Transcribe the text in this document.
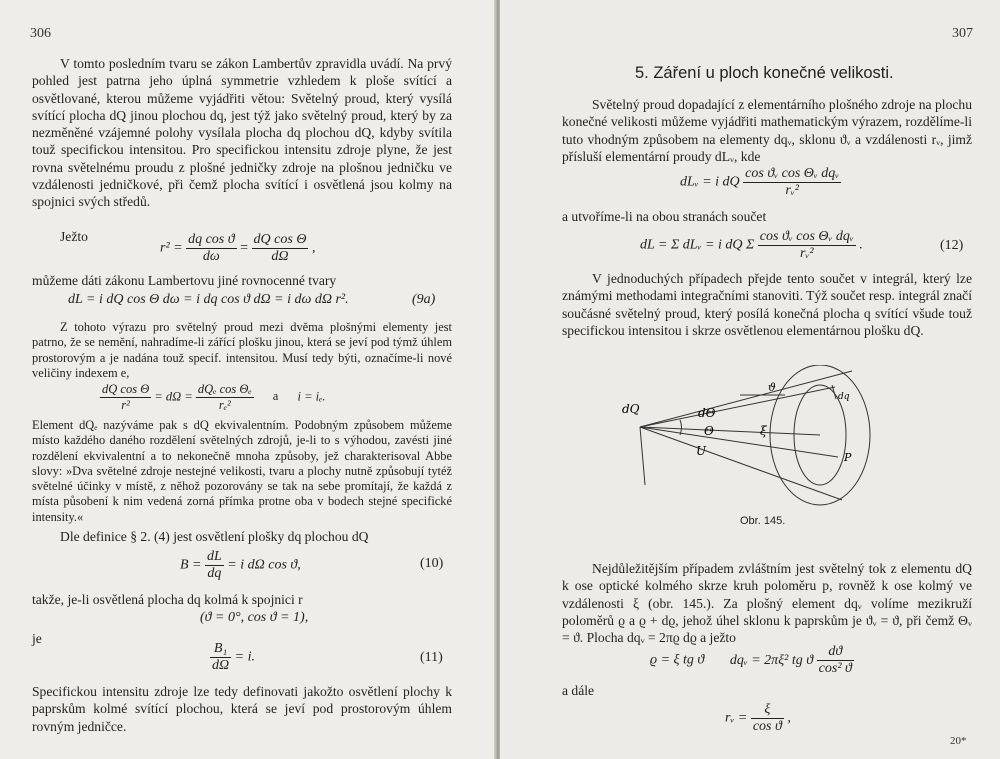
306

V tomto posledním tvaru se zákon Lambertův zpravidla uvádí. Na prvý pohled jest patrna jeho úplná symmetrie vzhledem k ploše svítící a osvětlované, kterou můžeme vyjádřiti větou: Světelný proud, který vysílá svítící plocha dQ jinou plochou dq, jest týž jako světelný proud, který by za nezměněné vzájemné polohy vysílala plocha dq plochou dQ, kdyby svítila touž specifickou intensitou. Pro specifickou intensitu zdroje plyne, že jest rovna světelnému proudu z plošné jedničky zdroje na plošnou jedničku ve vzdálenosti jedničkové, při čemž plocha svítící i osvětlená jsou kolmy na spojnici svých středů.

Ježto
$r^2 = \frac{\text{dq cos ϑ}}{d\omega} = \frac{\text{dQ cos Θ}}{d\Omega}$ ,
můžeme dáti zákonu Lambertovu jiné rovnocenné tvary
dL = i dQ cos Θ dω = i dq cos ϑ dΩ = i dω dΩ r².	(9a)

Z tohoto výrazu pro světelný proud mezi dvěma plošnými elementy jest patrno, že se nemění, nahradíme-li zářící plošku jinou, která se jeví pod týmž úhlem prostorovým a je nadána touž specif. intensitou. Musí tedy býti, označíme-li nové veličiny indexem e,

$\frac{\text{dQ cos Θ}}{\text{r²}} = d\Omega = \frac{\text{dQₑ cos Θₑ}}{\text{rₑ²}}$ a i = iₑ.

Element dQₑ nazýváme pak s dQ ekvivalentním. Podobným způsobem můžeme místo každého daného rozdělení světelných zdrojů, je-li to s výhodou, zavésti jiné rozdělení ekvivalentní a to nekonečně mnoha způsoby, jež charakterisoval Abbe slovy: »Dva světelné zdroje nestejné velikosti, tvaru a plochy nutně způsobují tytéž světelné účinky v místě, z něhož pozorovány se tak na sebe promítají, že každá z místa působení k nim vedená zorná přímka protne oba v bodech stejné specifické intensity.«

Dle definice § 2. (4) jest osvětlení plošky dq plochou dQ
$B = \frac{dL}{dq} = i$ dΩ cos ϑ,	(10)
takže, je-li osvětlená plocha dq kolmá k spojnici r
(ϑ = 0°, cos ϑ = 1),
je
$\frac{\text{B₁}}{d\Omega} = i$.	(11)

Specifickou intensitu zdroje lze tedy definovati jakožto osvětlení plochy k paprskům kolmé svítící plochou, která se jeví pod prostorovým úhlem rovným jedničce.

307
5. Záření u ploch konečné velikosti.

Světelný proud dopadající z elementárního plošného zdroje na plochu konečné velikosti můžeme vyjádřiti mathematickým výrazem, rozdělíme-li tuto vhodným způsobem na elementy dqᵥ, sklonu ϑᵥ a vzdálenosti rᵥ, jimž přísluší elementární proudy dLᵥ, kde

dLᵥ = i dQ $\frac{\text{cos ϑᵥ cos Θᵥ dqᵥ}}{\text{rᵥ²}}$
a utvoříme-li na obou stranách součet
dL = Σ dLᵥ = i dQ Σ $\frac{\text{cos ϑᵥ cos Θᵥ dqᵥ}}{\text{rᵥ²}}$ .	(12)

V jednoduchých případech přejde tento součet v integrál, který lze známými methodami integračními stanoviti. Týž součet resp. integrál značí součásné světelný proud, který posílá konečná plocha q svítící všude touž specifickou intensitou i skrze osvětlenou elementárnou plošku dQ.

dQ	dΘ
Θ	ξ
U
ϑ
dq
P
Obr. 145.

Nejdůležitějším případem zvláštním jest světelný tok z elementu dQ k ose optické kolmého skrze kruh poloměru p, rovněž k ose kolmý ve vzdálenosti ξ (obr. 145.). Za plošný element dqᵥ volíme mezikruží poloměrů ϱ a ϱ + dϱ, jehož úhel sklonu k paprskům je ϑᵥ = ϑ, při čemž Θᵥ = ϑ. Plocha dqᵥ = 2πϱ dϱ a ježto

ϱ = ξ tg ϑ dqᵥ = 2πξ² tg ϑ $\frac{dϑ}{\text{cos² ϑ}}$
a dále
rᵥ = $\frac{\xi}{\text{cos ϑ}}$ ,
20*
